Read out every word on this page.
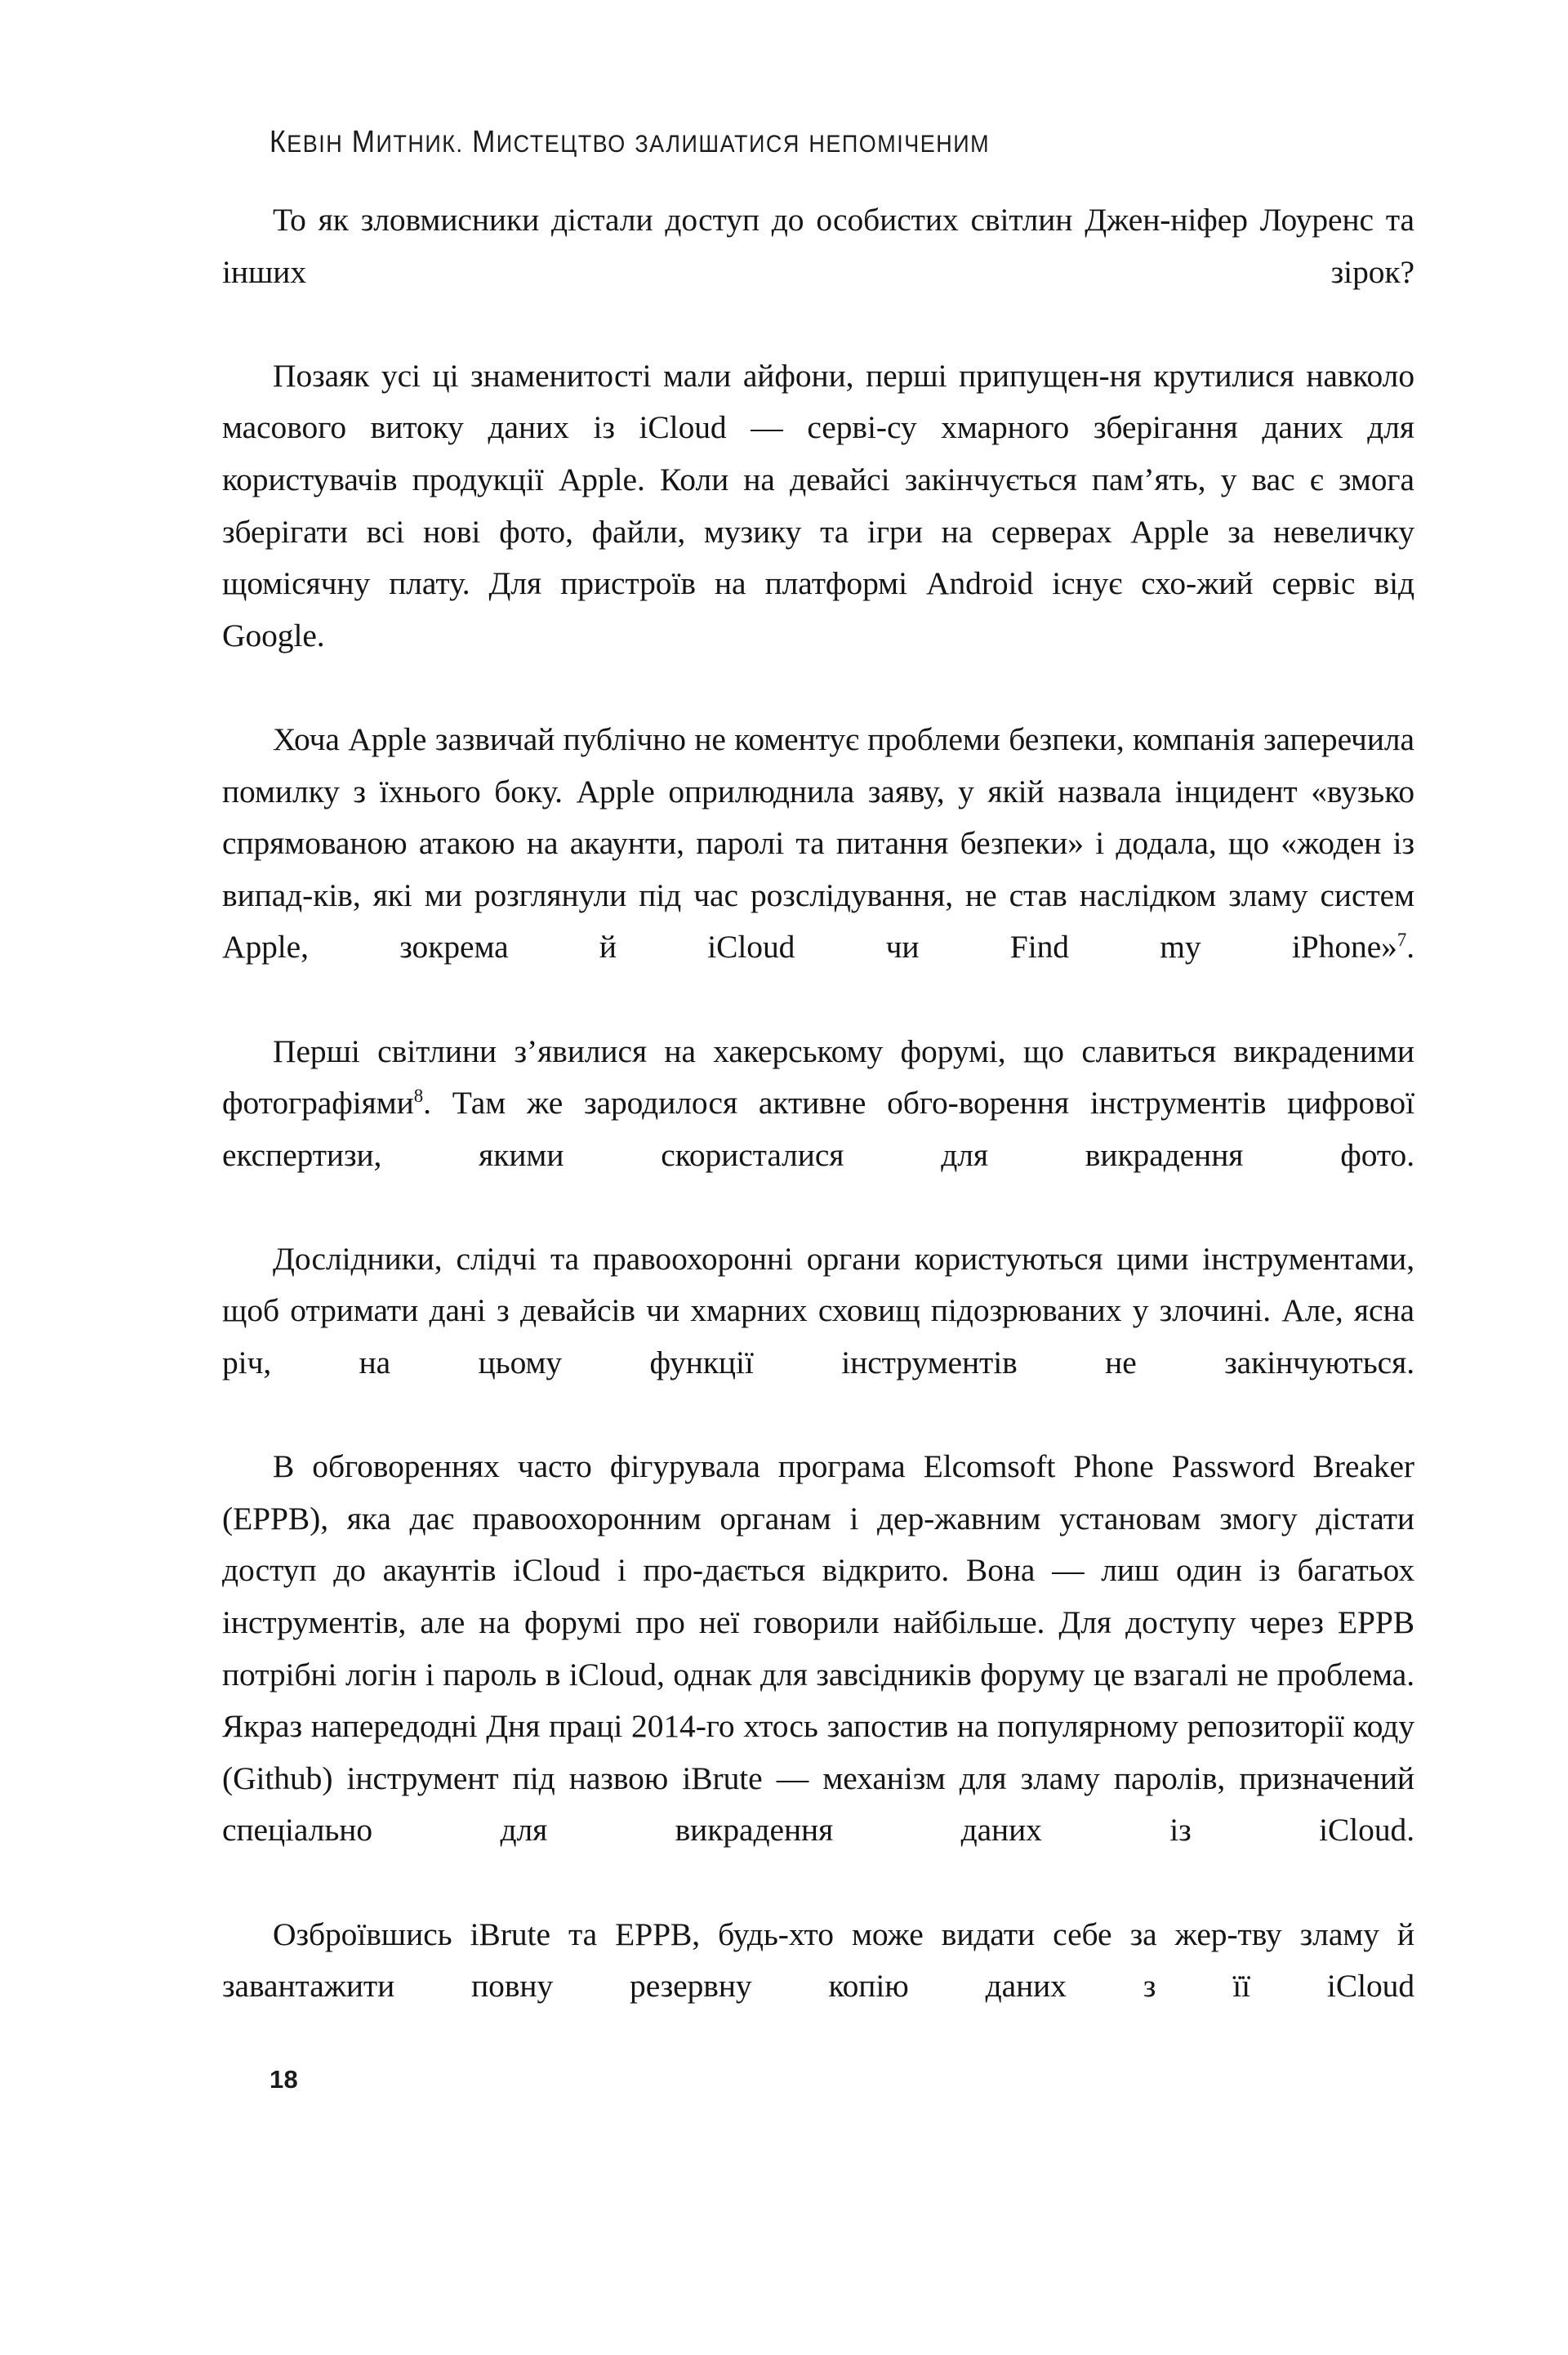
КЕВІН МИТНИК. МИСТЕЦТВО ЗАЛИШАТИСЯ НЕПОМІЧЕНИМ

То як зловмисники дістали доступ до особистих світлин Джен-​ніфер Лоуренс та інших зірок?

Позаяк усі ці знаменитості мали айфони, перші припущен-​ня крутилися навколо масового витоку даних із iCloud — серві-​су хмарного зберігання даних для користувачів продукції Apple. Коли на девайсі закінчується пам’ять, у вас є змога зберігати всі нові фото, файли, музику та ігри на серверах Apple за невеличку щомісячну плату. Для пристроїв на платформі Android існує схо-​жий сервіс від Google.

Хоча Apple зазвичай публічно не коментує проблеми безпеки, компанія заперечила помилку з їхнього боку. Apple оприлюднила заяву, у якій назвала інцидент «вузько спрямованою атакою на акаунти, паролі та питання безпеки» і додала, що «жоден із випад-​ків, які ми розглянули під час розслідування, не став наслідком зламу систем Apple, зокрема й iCloud чи Find my iPhone»$^7$.

Перші світлини з’явилися на хакерському форумі, що славиться викраденими фотографіями$^8$. Там же зародилося активне обго-​ворення інструментів цифрової експертизи, якими скористалися для викрадення фото.

Дослідники, слідчі та правоохоронні органи користуються цими інструментами, щоб отримати дані з девайсів чи хмарних сховищ підозрюваних у злочині. Але, ясна річ, на цьому функції інструментів не закінчуються.

В обговореннях часто фігурувала програма Elcomsoft Phone Password Breaker (EPPB), яка дає правоохоронним органам і дер-​жавним установам змогу дістати доступ до акаунтів iCloud і про-​дається відкрито. Вона — лиш один із багатьох інструментів, але на форумі про неї говорили найбільше. Для доступу через EPPB потрібні логін і пароль в iCloud, однак для завсідників форуму це взагалі не проблема. Якраз напередодні Дня праці 2014-го хтось запостив на популярному репозиторії коду (Github) інструмент під назвою iBrute — механізм для зламу паролів, призначений спеціально для викрадення даних із iCloud.

Озброївшись iBrute та EPPB, будь-​хто може видати себе за жер-​тву зламу й завантажити повну резервну копію даних з її iCloud

18
